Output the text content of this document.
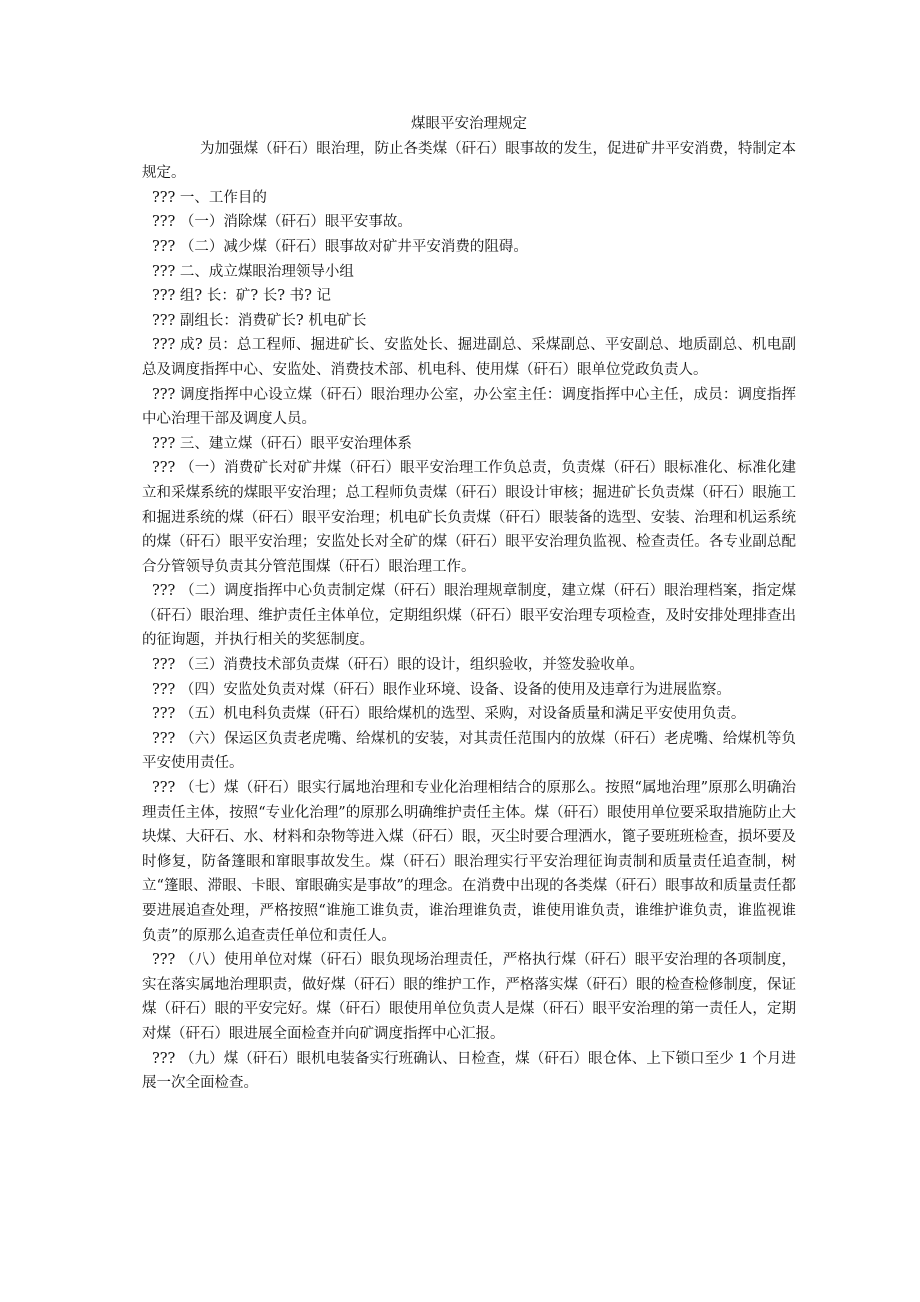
煤眼平安治理规定

为加强煤（矸石）眼治理，防止各类煤（矸石）眼事故的发生，促进矿井平安消费，特制定本规定。

??? 一、工作目的

??? （一）消除煤（矸石）眼平安事故。

??? （二）减少煤（矸石）眼事故对矿井平安消费的阻碍。

??? 二、成立煤眼治理领导小组

??? 组? 长：矿? 长? 书? 记

??? 副组长：消费矿长? 机电矿长

??? 成? 员：总工程师、掘进矿长、安监处长、掘进副总、采煤副总、平安副总、地质副总、机电副总及调度指挥中心、安监处、消费技术部、机电科、使用煤（矸石）眼单位党政负责人。

??? 调度指挥中心设立煤（矸石）眼治理办公室，办公室主任：调度指挥中心主任，成员：调度指挥中心治理干部及调度人员。

??? 三、建立煤（矸石）眼平安治理体系

??? （一）消费矿长对矿井煤（矸石）眼平安治理工作负总责，负责煤（矸石）眼标准化、标准化建立和采煤系统的煤眼平安治理；总工程师负责煤（矸石）眼设计审核；掘进矿长负责煤（矸石）眼施工和掘进系统的煤（矸石）眼平安治理；机电矿长负责煤（矸石）眼装备的选型、安装、治理和机运系统的煤（矸石）眼平安治理；安监处长对全矿的煤（矸石）眼平安治理负监视、检查责任。各专业副总配合分管领导负责其分管范围煤（矸石）眼治理工作。

??? （二）调度指挥中心负责制定煤（矸石）眼治理规章制度，建立煤（矸石）眼治理档案，指定煤（矸石）眼治理、维护责任主体单位，定期组织煤（矸石）眼平安治理专项检查，及时安排处理排查出的征询题，并执行相关的奖惩制度。

??? （三）消费技术部负责煤（矸石）眼的设计，组织验收，并签发验收单。

??? （四）安监处负责对煤（矸石）眼作业环境、设备、设备的使用及违章行为进展监察。

??? （五）机电科负责煤（矸石）眼给煤机的选型、采购，对设备质量和满足平安使用负责。

??? （六）保运区负责老虎嘴、给煤机的安装，对其责任范围内的放煤（矸石）老虎嘴、给煤机等负平安使用责任。

??? （七）煤（矸石）眼实行属地治理和专业化治理相结合的原那么。按照“属地治理”原那么明确治理责任主体，按照“专业化治理”的原那么明确维护责任主体。煤（矸石）眼使用单位要采取措施防止大块煤、大矸石、水、材料和杂物等进入煤（矸石）眼，灭尘时要合理洒水，篦子要班班检查，损坏要及时修复，防备篷眼和窜眼事故发生。煤（矸石）眼治理实行平安治理征询责制和质量责任追查制，树立“篷眼、滞眼、卡眼、窜眼确实是事故”的理念。在消费中出现的各类煤（矸石）眼事故和质量责任都要进展追查处理，严格按照“谁施工谁负责，谁治理谁负责，谁使用谁负责，谁维护谁负责，谁监视谁负责”的原那么追查责任单位和责任人。

??? （八）使用单位对煤（矸石）眼负现场治理责任，严格执行煤（矸石）眼平安治理的各项制度，实在落实属地治理职责，做好煤（矸石）眼的维护工作，严格落实煤（矸石）眼的检查检修制度，保证煤（矸石）眼的平安完好。煤（矸石）眼使用单位负责人是煤（矸石）眼平安治理的第一责任人，定期对煤（矸石）眼进展全面检查并向矿调度指挥中心汇报。

??? （九）煤（矸石）眼机电装备实行班确认、日检查，煤（矸石）眼仓体、上下锁口至少 1 个月进展一次全面检查。
